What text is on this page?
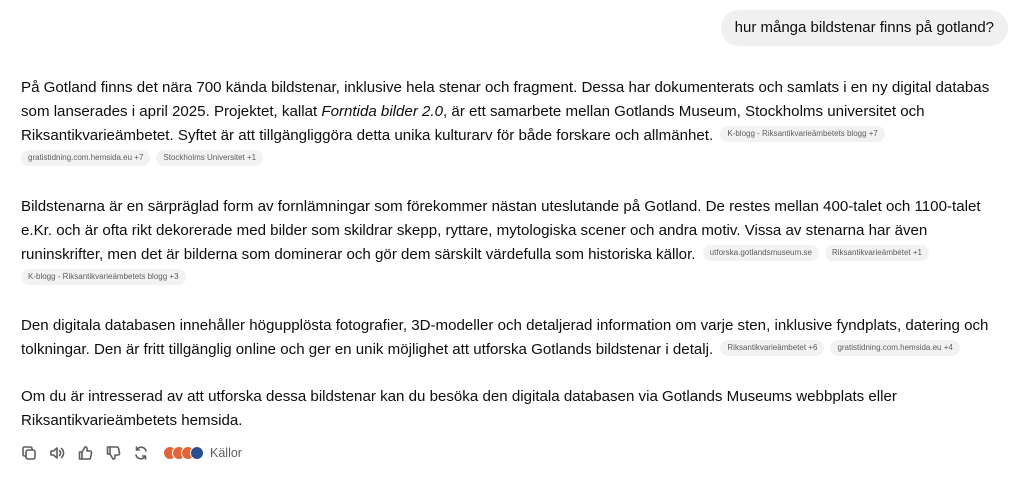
hur många bildstenar finns på gotland?

På Gotland finns det nära 700 kända bildstenar, inklusive hela stenar och fragment. Dessa har dokumenterats och samlats i en ny digital databas som lanserades i april 2025. Projektet, kallat Forntida bilder 2.0, är ett samarbete mellan Gotlands Museum, Stockholms universitet och Riksantikvarieämbetet. Syftet är att tillgängliggöra detta unika kulturarv för både forskare och allmänhet. K-blogg - Riksantikvarieämbetets blogg +7
gratistidning.com.hemsida.eu +7	Stockholms Universitet +1

Bildstenarna är en särpräglad form av fornlämningar som förekommer nästan uteslutande på Gotland. De restes mellan 400-talet och 1100-talet e.Kr. och är ofta rikt dekorerade med bilder som skildrar skepp, ryttare, mytologiska scener och andra motiv. Vissa av stenarna har även runinskrifter, men det är bilderna som dominerar och gör dem särskilt värdefulla som historiska källor. utforska.gotlandsmuseum.se	Riksantikvarieämbetet +1
K-blogg - Riksantikvarieämbetets blogg +3

Den digitala databasen innehåller högupplösta fotografier, 3D-modeller och detaljerad information om varje sten, inklusive fyndplats, datering och tolkningar. Den är fritt tillgänglig online och ger en unik möjlighet att utforska Gotlands bildstenar i detalj. Riksantikvarieämbetet +6	gratistidning.com.hemsida.eu +4

Om du är intresserad av att utforska dessa bildstenar kan du besöka den digitala databasen via Gotlands Museums webbplats eller Riksantikvarieämbetets hemsida.

Källor
